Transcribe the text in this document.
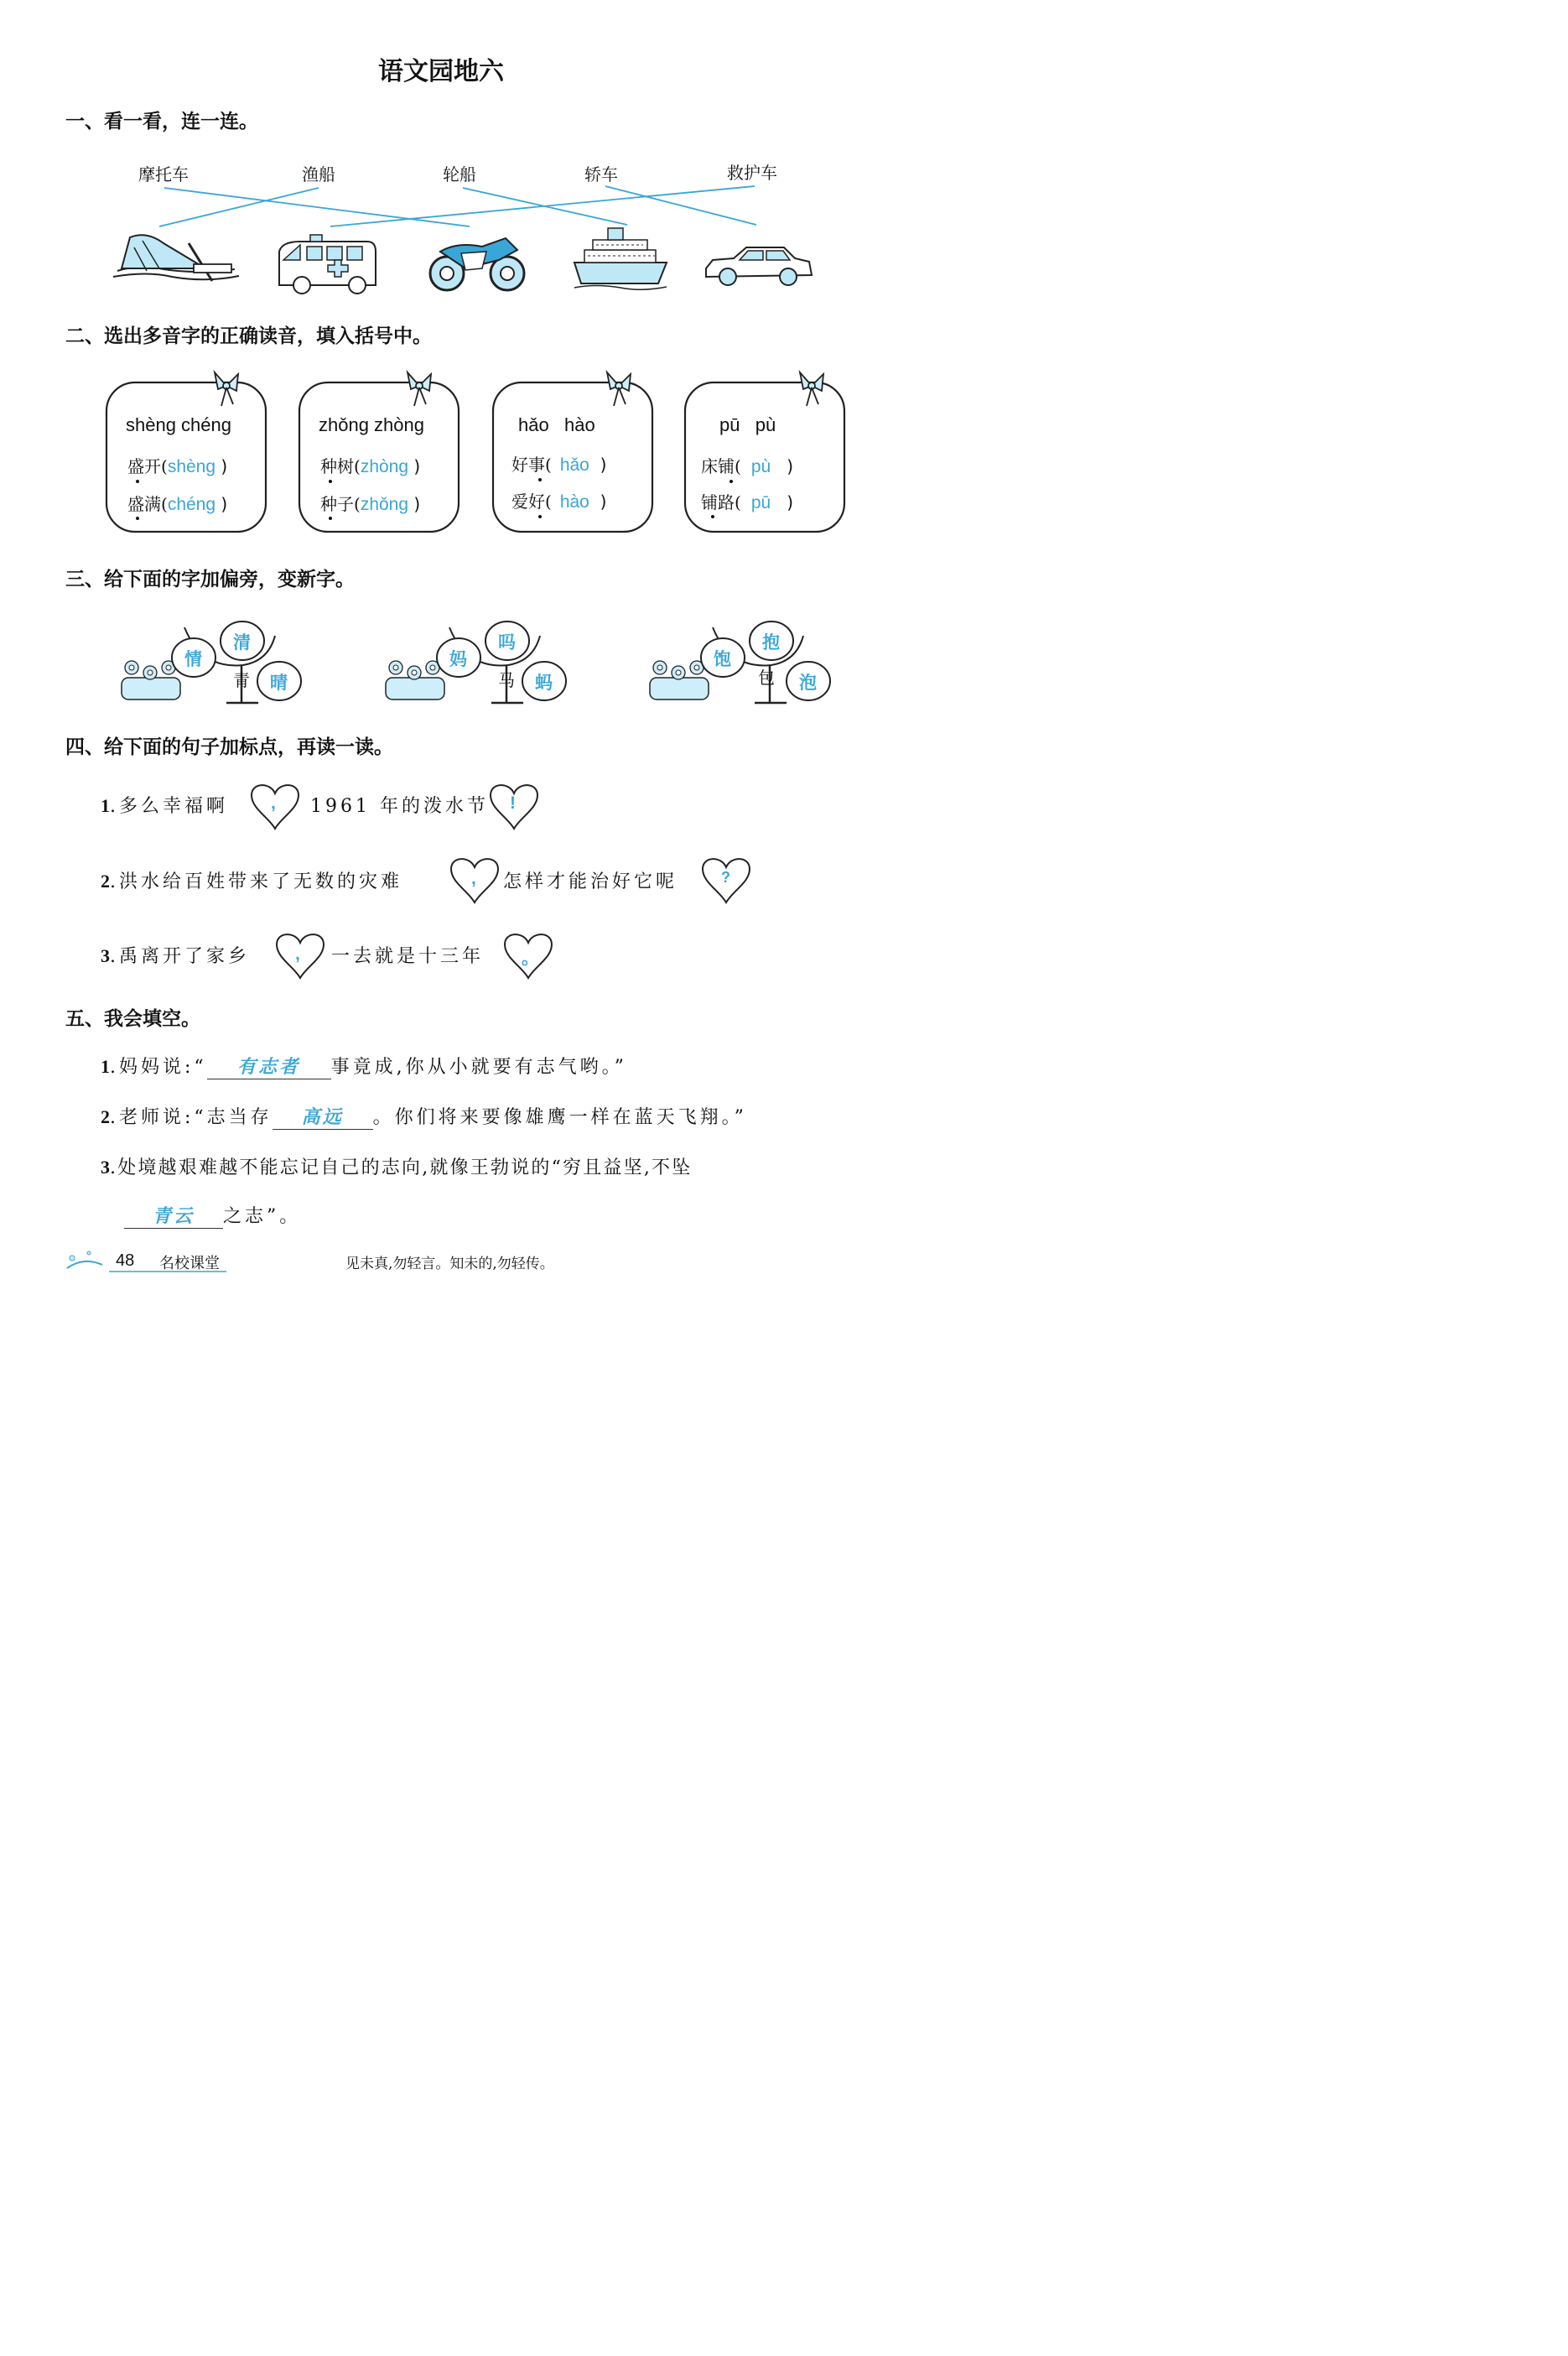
语文园地六
一、看一看，连一连。
摩托车	渔船	轮船	轿车	救护车
二、选出多音字的正确读音，填入括号中。
shèng chéng
盛开(shèng )
盛满(chéng )
zhǒng zhòng
种树(zhòng )
种子(zhǒng )
hǎo   hào
好事( hǎo  )
爱好( hào  )
pū   pù
床铺( pù   )
铺路( pū   )
三、给下面的字加偏旁，变新字。
青
情
清
晴	马
妈
吗
蚂	包
饱
抱
泡
四、给下面的句子加标点，再读一读。
1.多么幸福啊 , 1961 年的泼水节 !
2.洪水给百姓带来了无数的灾难	, 怎样才能治好它呢	?
3.禹离开了家乡	, 一去就是十三年 。
五、我会填空。
1.妈妈说:“ 有志者 事竟成,你从小就要有志气哟。”
2.老师说:“志当存 高远 。你们将来要像雄鹰一样在蓝天飞翔。”
3.处境越艰难越不能忘记自己的志向,就像王勃说的“穷且益坚,不坠
青云 之志”。
48 名校课堂	见未真,勿轻言。知未的,勿轻传。
